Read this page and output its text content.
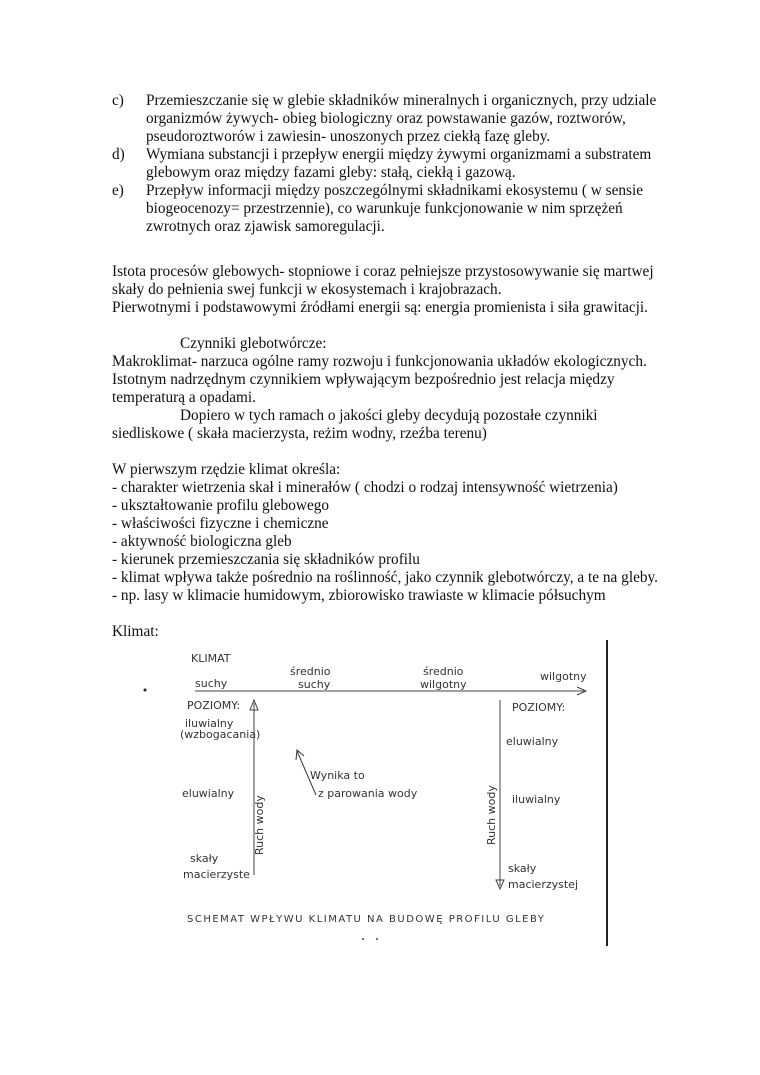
c) Przemieszczanie się w glebie składników mineralnych i organicznych, przy udziale
organizmów żywych- obieg biologiczny oraz powstawanie gazów, roztworów,
pseudoroztworów i zawiesin- unoszonych przez ciekłą fazę gleby.
d) Wymiana substancji i przepływ energii między żywymi organizmami a substratem
glebowym oraz między fazami gleby: stałą, ciekłą i gazową.
e) Przepływ informacji między poszczególnymi składnikami ekosystemu ( w sensie
biogeocenozy= przestrzennie), co warunkuje funkcjonowanie w nim sprzężeń
zwrotnych oraz zjawisk samoregulacji.
Istota procesów glebowych- stopniowe i coraz pełniejsze przystosowywanie się martwej
skały do pełnienia swej funkcji w ekosystemach i krajobrazach.
Pierwotnymi i podstawowymi źródłami energii są: energia promienista i siła grawitacji.
Czynniki glebotwórcze:
Makroklimat- narzuca ogólne ramy rozwoju i funkcjonowania układów ekologicznych.
Istotnym nadrzędnym czynnikiem wpływającym bezpośrednio jest relacja między
temperaturą a opadami.
Dopiero w tych ramach o jakości gleby decydują pozostałe czynniki
siedliskowe ( skała macierzysta, reżim wodny, rzeźba terenu)
W pierwszym rzędzie klimat określa:
- charakter wietrzenia skał i minerałów ( chodzi o rodzaj intensywność wietrzenia)
- ukształtowanie profilu glebowego
- właściwości fizyczne i chemiczne
- aktywność biologiczna gleb
- kierunek przemieszczania się składników profilu
- klimat wpływa także pośrednio na roślinność, jako czynnik glebotwórczy, a te na gleby.
- np. lasy w klimacie humidowym, zbiorowisko trawiaste w klimacie półsuchym
Klimat:
KLIMAT
suchy
średnio
suchy
średnio
wilgotny
wilgotny
POZIOMY:
iluwialny
(wzbogacania)
eluwialny
skały
macierzyste
Ruch wody
Wynika to
z parowania wody	Ruch wody
POZIOMY:
eluwialny
iluwialny
skały
macierzystej
SCHEMAT WPŁYWU KLIMATU NA BUDOWĘ PROFILU GLEBY
